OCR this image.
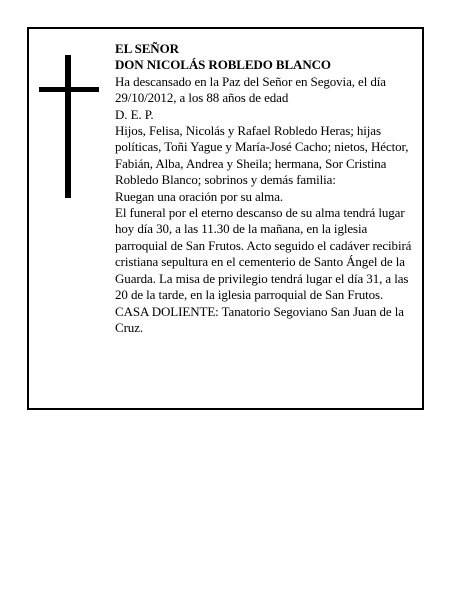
EL SEÑOR

DON NICOLÁS ROBLEDO BLANCO

Ha descansado en la Paz del Señor en Segovia, el día 29/10/2012, a los 88 años de edad

D. E. P.

Hijos, Felisa, Nicolás y Rafael Robledo Heras; hijas políticas, Toñi Yague y María-José Cacho; nietos, Héctor, Fabián, Alba, Andrea y Sheila; hermana, Sor Cristina Robledo Blanco; sobrinos y demás familia:

Ruegan una oración por su alma.

El funeral por el eterno descanso de su alma tendrá lugar hoy día 30, a las 11.30 de la mañana, en la iglesia parroquial de San Frutos. Acto seguido el cadáver recibirá cristiana sepultura en el cementerio de Santo Ángel de la Guarda. La misa de privilegio tendrá lugar el día 31, a las 20 de la tarde, en la iglesia parroquial de San Frutos.

CASA DOLIENTE: Tanatorio Segoviano San Juan de la Cruz.
